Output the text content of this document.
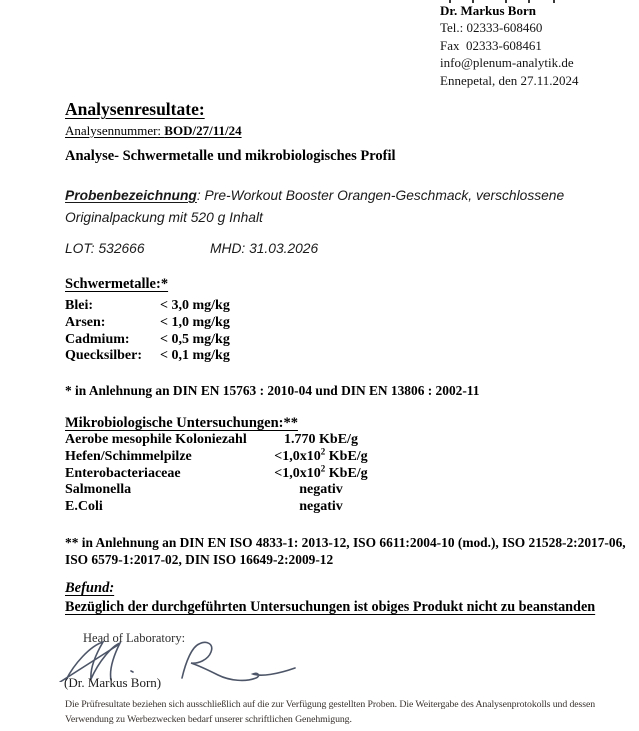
Dr. Markus Born
Tel.: 02333-608460
Fax  02333-608461
info@plenum-analytik.de
Ennepetal, den 27.11.2024
Analysenresultate:
Analysennummer: BOD/27/11/24
Analyse- Schwermetalle und mikrobiologisches Profil
Probenbezeichnung: Pre-Workout Booster Orangen-Geschmack, verschlossene Originalpackung mit 520 g Inhalt
LOT: 532666	MHD: 31.03.2026
Schwermetalle:*
Blei:	< 3,0 mg/kg
Arsen:	< 1,0 mg/kg
Cadmium: < 0,5 mg/kg
Quecksilber: < 0,1 mg/kg
* in Anlehnung an DIN EN 15763 : 2010-04 und DIN EN 13806 : 2002-11
Mikrobiologische Untersuchungen:**
Aerobe mesophile Koloniezahl	1.770 KbE/g
Hefen/Schimmelpilze	$<1,0x10^2$ KbE/g
Enterobacteriaceae	$<1,0x10^2$ KbE/g
Salmonella	negativ
E.Coli	negativ
** in Anlehnung an DIN EN ISO 4833-1: 2013-12, ISO 6611:2004-10 (mod.), ISO 21528-2:2017-06, ISO 6579-1:2017-02, DIN ISO 16649-2:2009-12
Befund:
Bezüglich der durchgeführten Untersuchungen ist obiges Produkt nicht zu beanstanden
Head of Laboratory:
(Dr. Markus Born)
Die Prüfresultate beziehen sich ausschließlich auf die zur Verfügung gestellten Proben. Die Weitergabe des Analysenprotokolls und dessen Verwendung zu Werbezwecken bedarf unserer schriftlichen Genehmigung.
